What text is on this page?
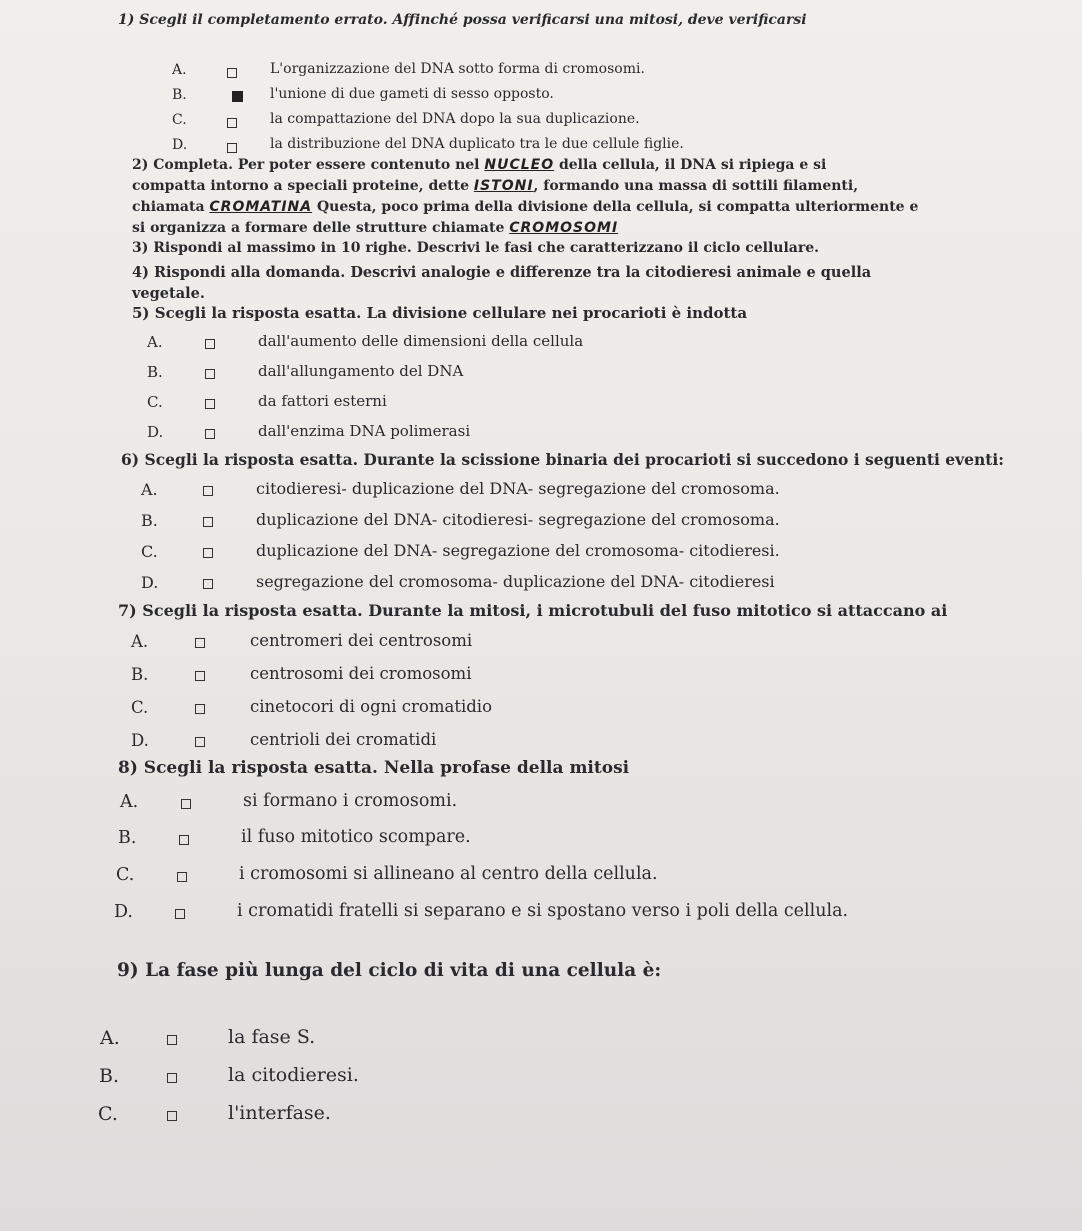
1) Scegli il completamento errato. Affinché possa verificarsi una mitosi, deve verificarsi
A.	L'organizzazione del DNA sotto forma di cromosomi.
B.	l'unione di due gameti di sesso opposto.
C.	la compattazione del DNA dopo la sua duplicazione.
D.	la distribuzione del DNA duplicato tra le due cellule figlie.
2) Completa. Per poter essere contenuto nel NUCLEO della cellula, il DNA si ripiega e si
compatta intorno a speciali proteine, dette ISTONI, formando una massa di sottili filamenti,
chiamata CROMATINA Questa, poco prima della divisione della cellula, si compatta ulteriormente e
si organizza a formare delle strutture chiamate CROMOSOMI
3) Rispondi al massimo in 10 righe. Descrivi le fasi che caratterizzano il ciclo cellulare.
4) Rispondi alla domanda. Descrivi analogie e differenze tra la citodieresi animale e quella
vegetale.
5) Scegli la risposta esatta. La divisione cellulare nei procarioti è indotta
A.	dall'aumento delle dimensioni della cellula
B.	dall'allungamento del DNA
C.	da fattori esterni
D.	dall'enzima DNA polimerasi
6) Scegli la risposta esatta. Durante la scissione binaria dei procarioti si succedono i seguenti eventi:
A.	citodieresi- duplicazione del DNA- segregazione del cromosoma.
B.	duplicazione del DNA- citodieresi- segregazione del cromosoma.
C.	duplicazione del DNA- segregazione del cromosoma- citodieresi.
D.	segregazione del cromosoma- duplicazione del DNA- citodieresi
7) Scegli la risposta esatta. Durante la mitosi, i microtubuli del fuso mitotico si attaccano ai
A.	centromeri dei centrosomi
B.	centrosomi dei cromosomi
C.	cinetocori di ogni cromatidio
D.	centrioli dei cromatidi
8) Scegli la risposta esatta. Nella profase della mitosi
A.	si formano i cromosomi.
B.	il fuso mitotico scompare.
C.	i cromosomi si allineano al centro della cellula.
D.	i cromatidi fratelli si separano e si spostano verso i poli della cellula.
9) La fase più lunga del ciclo di vita di una cellula è:
A.	la fase S.
B.	la citodieresi.
C.	l'interfase.
